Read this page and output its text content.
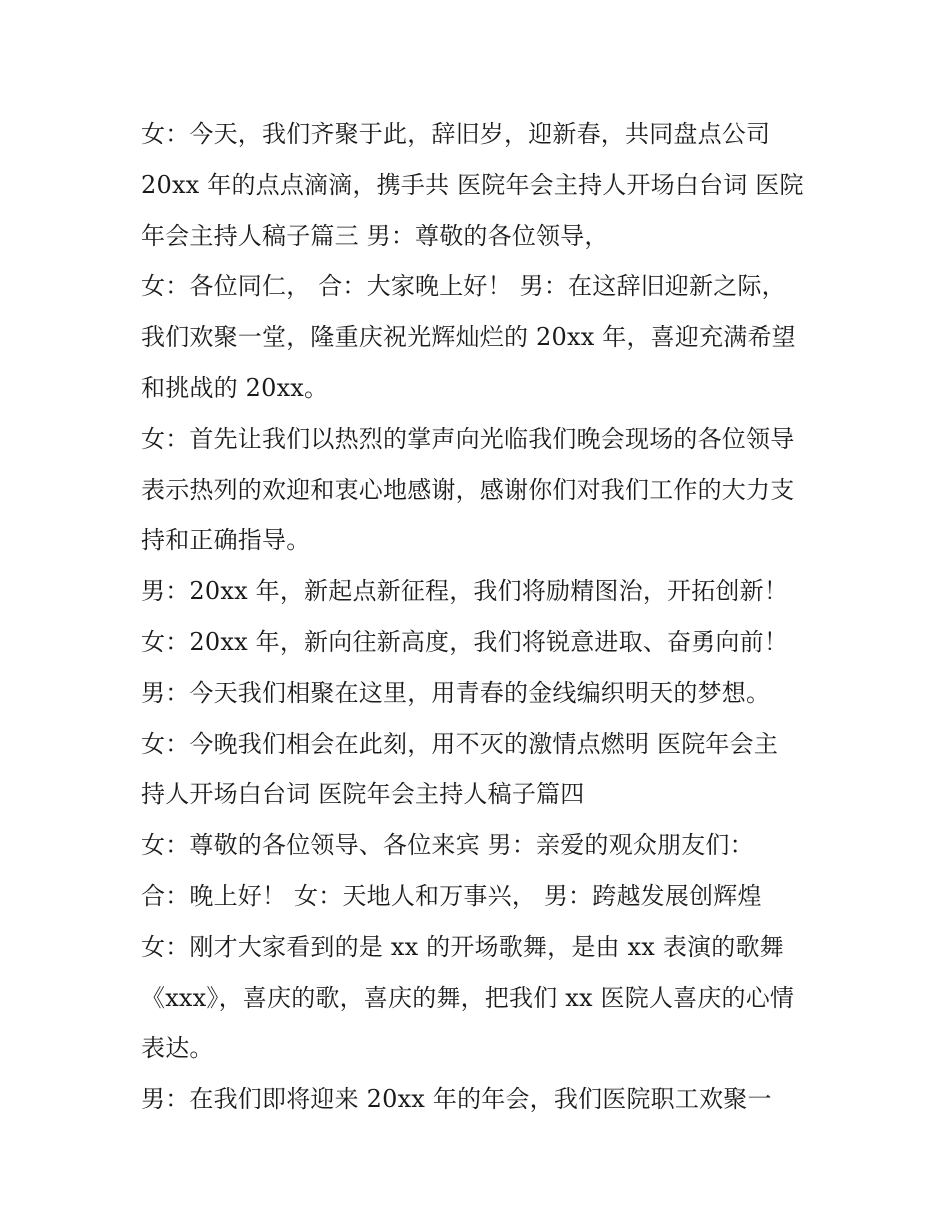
女：今天，我们齐聚于此，辞旧岁，迎新春，共同盘点公司
20xx 年的点点滴滴，携手共 医院年会主持人开场白台词 医院
年会主持人稿子篇三 男：尊敬的各位领导，
女：各位同仁， 合：大家晚上好！ 男：在这辞旧迎新之际，
我们欢聚一堂，隆重庆祝光辉灿烂的 20xx 年，喜迎充满希望
和挑战的 20xx。
女：首先让我们以热烈的掌声向光临我们晚会现场的各位领导
表示热列的欢迎和衷心地感谢，感谢你们对我们工作的大力支
持和正确指导。
男：20xx 年，新起点新征程，我们将励精图治，开拓创新！
女：20xx 年，新向往新高度，我们将锐意进取、奋勇向前！
男：今天我们相聚在这里，用青春的金线编织明天的梦想。
女：今晚我们相会在此刻，用不灭的激情点燃明 医院年会主
持人开场白台词 医院年会主持人稿子篇四
女：尊敬的各位领导、各位来宾 男：亲爱的观众朋友们：
合：晚上好！ 女：天地人和万事兴， 男：跨越发展创辉煌
女：刚才大家看到的是 xx 的开场歌舞，是由 xx 表演的歌舞
《xxx》，喜庆的歌，喜庆的舞，把我们 xx 医院人喜庆的心情
表达。
男：在我们即将迎来 20xx 年的年会，我们医院职工欢聚一
